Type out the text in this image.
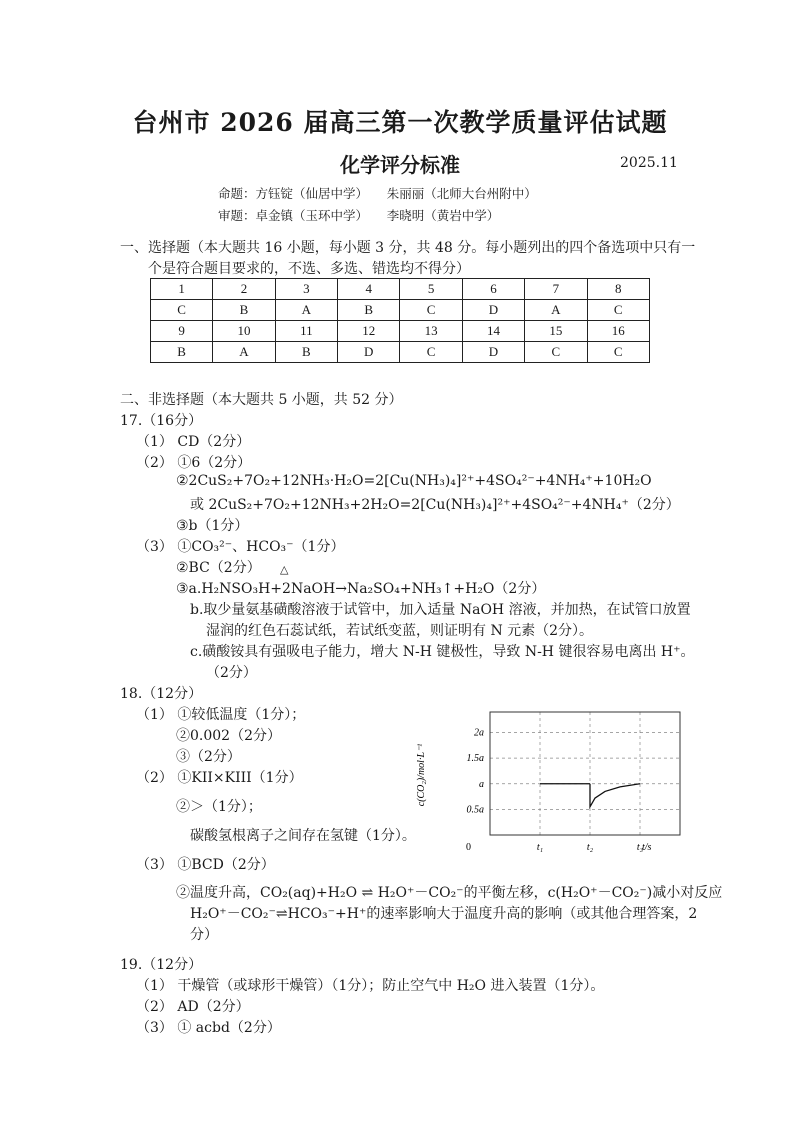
台州市 2026 届高三第一次教学质量评估试题
化学评分标准	2025.11
命题：方钰锭（仙居中学）　　朱丽丽（北师大台州附中）
审题：卓金镇（玉环中学）　　李晓明（黄岩中学）
一、选择题（本大题共 16 小题，每小题 3 分，共 48 分。每小题列出的四个备选项中只有一
个是符合题目要求的，不选、多选、错选均不得分）
1	2	3	4	5	6	7	8
C	B	A	B	C	D	A	C
9	10	11	12	13	14	15	16
B	A	B	D	C	D	C	C
二、非选择题（本大题共 5 小题，共 52 分）
17.（16分）
（1） CD（2分）
（2） ①6（2分）
②2CuS₂+7O₂+12NH₃·H₂O=2[Cu(NH₃)₄]²⁺+4SO₄²⁻+4NH₄⁺+10H₂O
或 2CuS₂+7O₂+12NH₃+2H₂O=2[Cu(NH₃)₄]²⁺+4SO₄²⁻+4NH₄⁺（2分）
③b（1分）
（3） ①CO₃²⁻、HCO₃⁻（1分）
②BC（2分） △
③a.H₂NSO₃H+2NaOH→Na₂SO₄+NH₃↑+H₂O（2分）
b.取少量氨基磺酸溶液于试管中，加入适量 NaOH 溶液，并加热，在试管口放置
湿润的红色石蕊试纸，若试纸变蓝，则证明有 N 元素（2分）。
c.磺酸铵具有强吸电子能力，增大 N-H 键极性，导致 N-H 键很容易电离出 H⁺。
（2分）
18.（12分）
（1） ①较低温度（1分）；
②0.002（2分）
③（2分）
（2） ①KII×KIII（1分）
②＞（1分）；
碳酸氢根离子之间存在氢键（1分）。
（3） ①BCD（2分）
②温度升高，CO₂(aq)+H₂O ⇌ H₂O⁺－CO₂⁻的平衡左移，c(H₂O⁺－CO₂⁻)减小对反应
H₂O⁺－CO₂⁻⇌HCO₃⁻+H⁺的速率影响大于温度升高的影响（或其他合理答案，2
分）
19.（12分）
（1） 干燥管（或球形干燥管）（1分）；防止空气中 H₂O 进入装置（1分）。
（2） AD（2分）
（3） ① acbd（2分）
0.5a
a
1.5a
2a
t₁	t₂	t₃
c(CO₂)/mol·L⁻¹
t/s
0
